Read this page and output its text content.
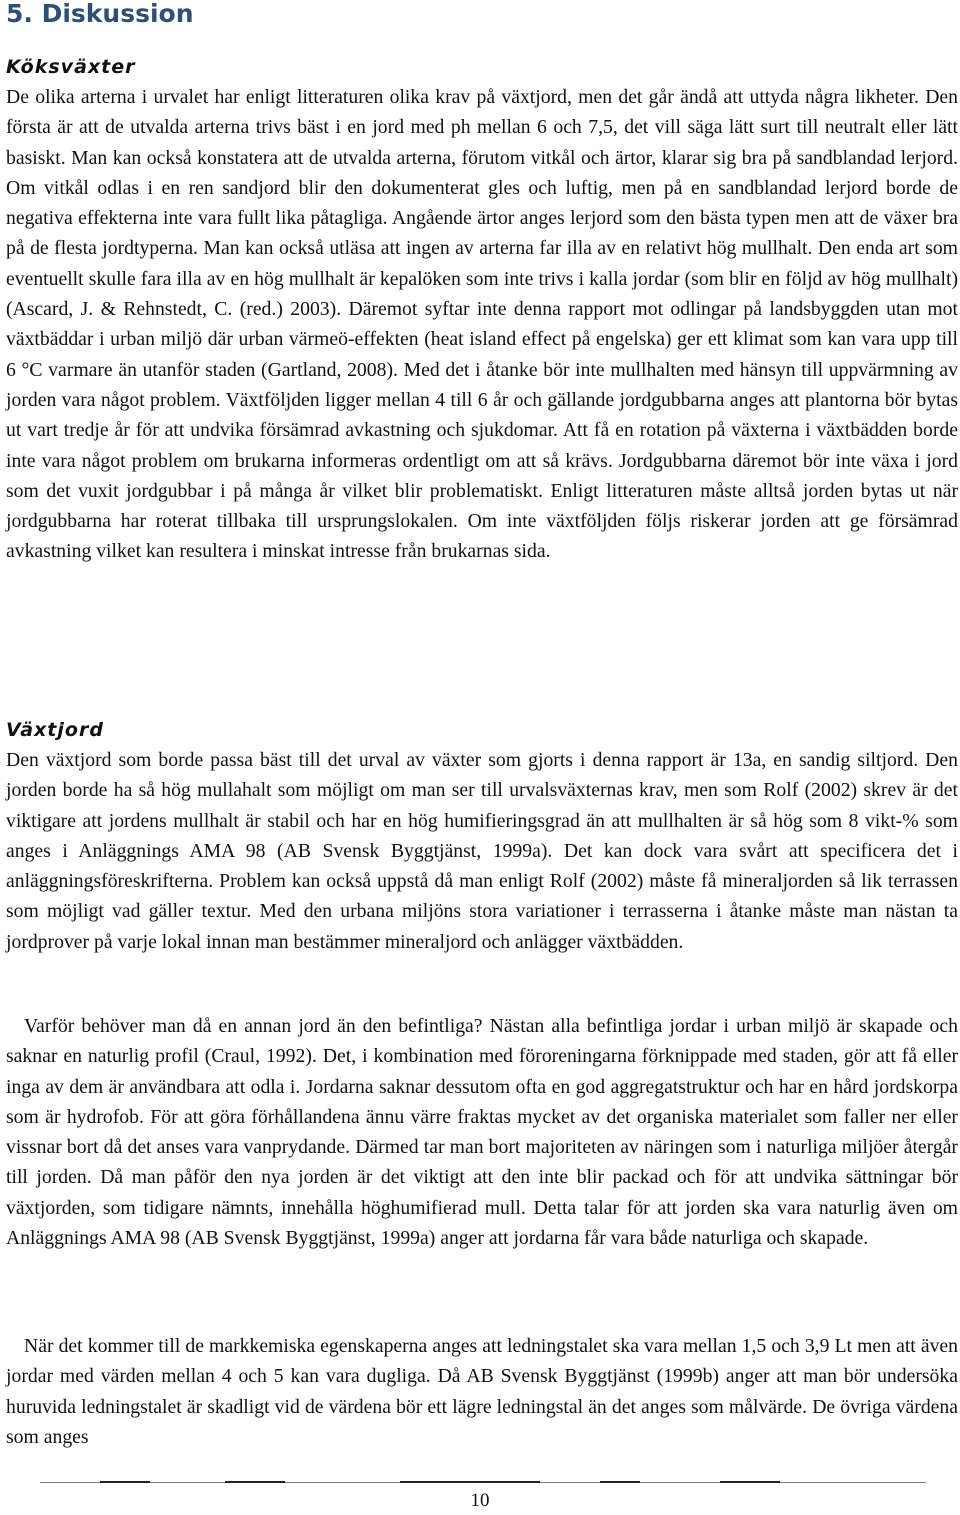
5. Diskussion
Köksväxter

De olika arterna i urvalet har enligt litteraturen olika krav på växtjord, men det går ändå att uttyda några likheter. Den första är att de utvalda arterna trivs bäst i en jord med ph mellan 6 och 7,5, det vill säga lätt surt till neutralt eller lätt basiskt. Man kan också konstatera att de utvalda arterna, förutom vitkål och ärtor, klarar sig bra på sandblandad lerjord. Om vitkål odlas i en ren sandjord blir den dokumenterat gles och luftig, men på en sandblandad lerjord borde de negativa effekterna inte vara fullt lika påtagliga. Angående ärtor anges lerjord som den bästa typen men att de växer bra på de flesta jordtyperna. Man kan också utläsa att ingen av arterna far illa av en relativt hög mullhalt. Den enda art som eventuellt skulle fara illa av en hög mullhalt är kepalöken som inte trivs i kalla jordar (som blir en följd av hög mullhalt) (Ascard, J. & Rehnstedt, C. (red.) 2003). Däremot syftar inte denna rapport mot odlingar på landsbyggden utan mot växtbäddar i urban miljö där urban värmeö-effekten (heat island effect på engelska) ger ett klimat som kan vara upp till 6 °C varmare än utanför staden (Gartland, 2008). Med det i åtanke bör inte mullhalten med hänsyn till uppvärmning av jorden vara något problem. Växtföljden ligger mellan 4 till 6 år och gällande jordgubbarna anges att plantorna bör bytas ut vart tredje år för att undvika försämrad avkastning och sjukdomar. Att få en rotation på växterna i växtbädden borde inte vara något problem om brukarna informeras ordentligt om att så krävs. Jordgubbarna däremot bör inte växa i jord som det vuxit jordgubbar i på många år vilket blir problematiskt. Enligt litteraturen måste alltså jorden bytas ut när jordgubbarna har roterat tillbaka till ursprungslokalen. Om inte växtföljden följs riskerar jorden att ge försämrad avkastning vilket kan resultera i minskat intresse från brukarnas sida.

Växtjord

Den växtjord som borde passa bäst till det urval av växter som gjorts i denna rapport är 13a, en sandig siltjord. Den jorden borde ha så hög mullahalt som möjligt om man ser till urvalsväxternas krav, men som Rolf (2002) skrev är det viktigare att jordens mullhalt är stabil och har en hög humifieringsgrad än att mullhalten är så hög som 8 vikt-% som anges i Anläggnings AMA 98 (AB Svensk Byggtjänst, 1999a). Det kan dock vara svårt att specificera det i anläggningsföreskrifterna. Problem kan också uppstå då man enligt Rolf (2002) måste få mineraljorden så lik terrassen som möjligt vad gäller textur. Med den urbana miljöns stora variationer i terrasserna i åtanke måste man nästan ta jordprover på varje lokal innan man bestämmer mineraljord och anlägger växtbädden.

Varför behöver man då en annan jord än den befintliga? Nästan alla befintliga jordar i urban miljö är skapade och saknar en naturlig profil (Craul, 1992). Det, i kombination med föroreningarna förknippade med staden, gör att få eller inga av dem är användbara att odla i. Jordarna saknar dessutom ofta en god aggregatstruktur och har en hård jordskorpa som är hydrofob. För att göra förhållandena ännu värre fraktas mycket av det organiska materialet som faller ner eller vissnar bort då det anses vara vanprydande. Därmed tar man bort majoriteten av näringen som i naturliga miljöer återgår till jorden. Då man påför den nya jorden är det viktigt att den inte blir packad och för att undvika sättningar bör växtjorden, som tidigare nämnts, innehålla höghumifierad mull. Detta talar för att jorden ska vara naturlig även om Anläggnings AMA 98 (AB Svensk Byggtjänst, 1999a) anger att jordarna får vara både naturliga och skapade.

När det kommer till de markkemiska egenskaperna anges att ledningstalet ska vara mellan 1,5 och 3,9 Lt men att även jordar med värden mellan 4 och 5 kan vara dugliga. Då AB Svensk Byggtjänst (1999b) anger att man bör undersöka huruvida ledningstalet är skadligt vid de värdena bör ett lägre ledningstal än det anges som målvärde. De övriga värdena som anges

10
